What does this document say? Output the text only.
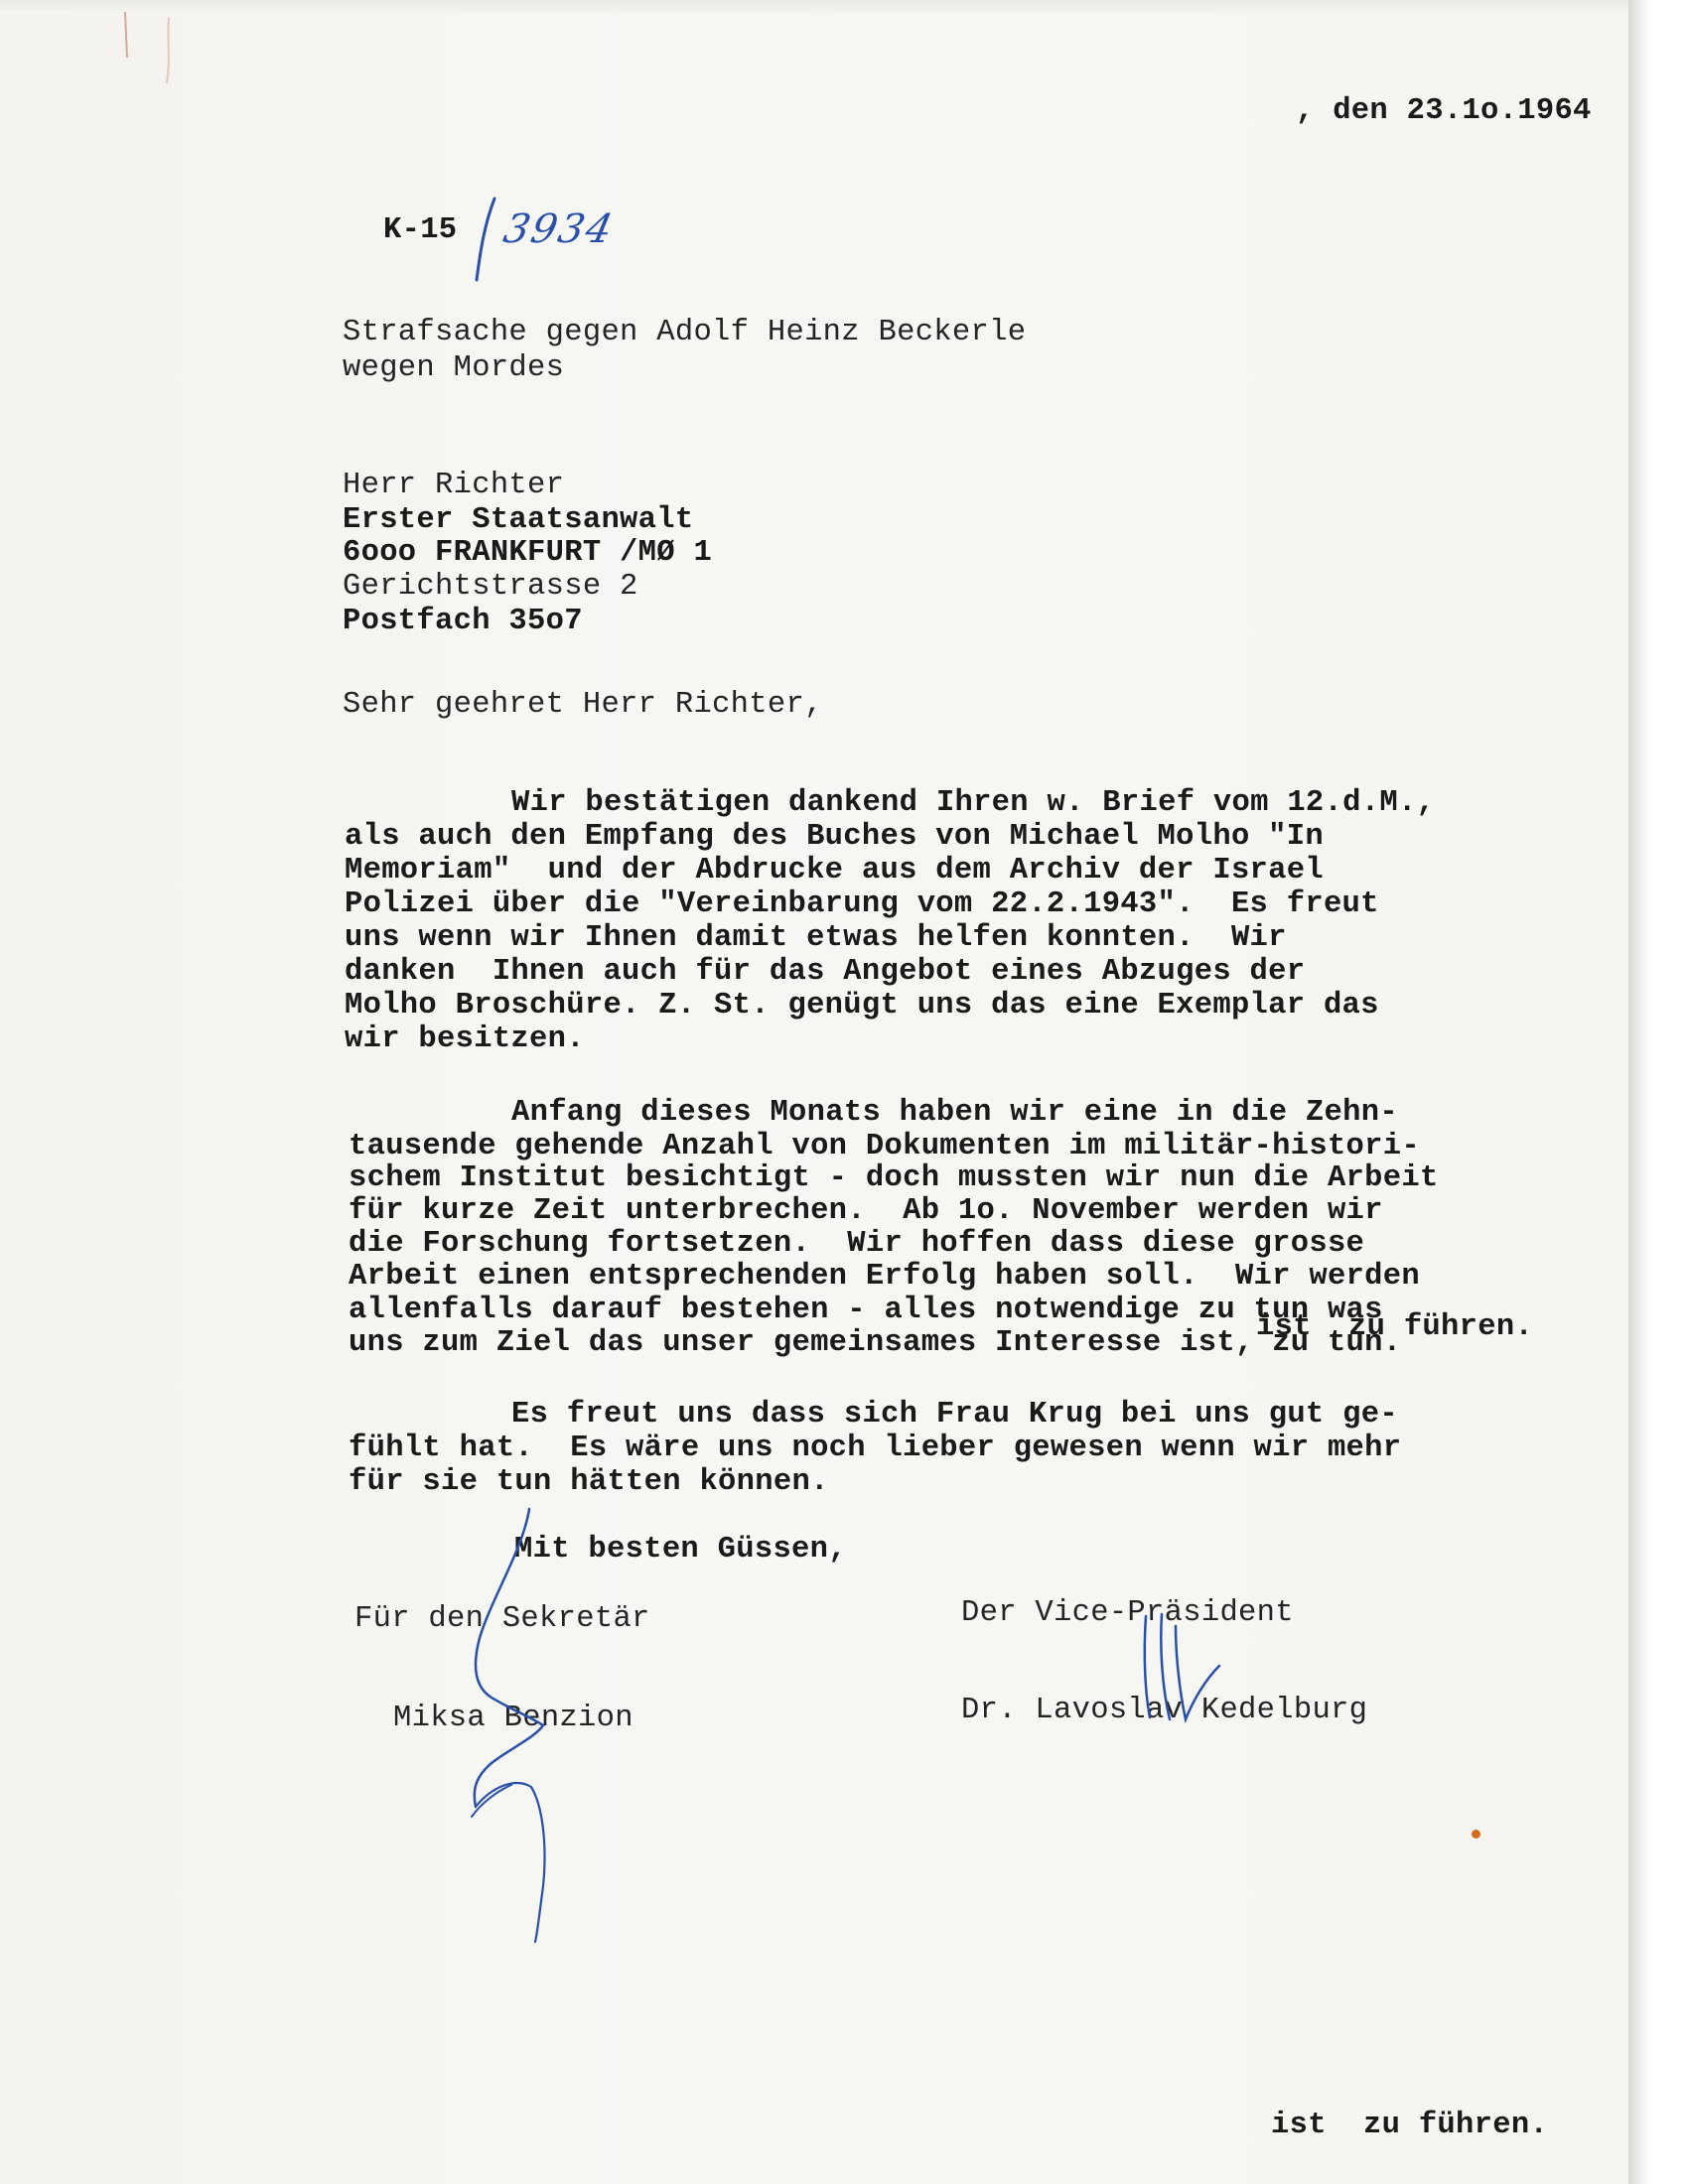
, den 23.1o.1964
K-15 3934
Strafsache gegen Adolf Heinz Beckerle
wegen Mordes
Herr Richter
Erster Staatsanwalt
6ooo FRANKFURT /MØ 1
Gerichtstrasse 2
Postfach 35o7
Sehr geehret Herr Richter,
Wir bestätigen dankend Ihren w. Brief vom 12.d.M.,
als auch den Empfang des Buches von Michael Molho "In
Memoriam"  und der Abdrucke aus dem Archiv der Israel
Polizei über die "Vereinbarung vom 22.2.1943".  Es freut
uns wenn wir Ihnen damit etwas helfen konnten.  Wir
danken  Ihnen auch für das Angebot eines Abzuges der
Molho Broschüre. Z. St. genügt uns das eine Exemplar das
wir besitzen.
Anfang dieses Monats haben wir eine in die Zehn-
tausende gehende Anzahl von Dokumenten im militär-histori-
schem Institut besichtigt - doch mussten wir nun die Arbeit
für kurze Zeit unterbrechen.  Ab 1o. November werden wir
die Forschung fortsetzen.  Wir hoffen dass diese grosse
Arbeit einen entsprechenden Erfolg haben soll.  Wir werden
allenfalls darauf bestehen - alles notwendige zu tun was
uns zum Ziel das unser gemeinsames Interesse ist, zu tun.
ist  zu führen.
Es freut uns dass sich Frau Krug bei uns gut ge-
fühlt hat.  Es wäre uns noch lieber gewesen wenn wir mehr
für sie tun hätten können.
Mit besten Güssen,
Für den Sekretär
Miksa Benzion
Der Vice-Präsident
Dr. Lavoslav Kedelburg
ist  zu führen.
